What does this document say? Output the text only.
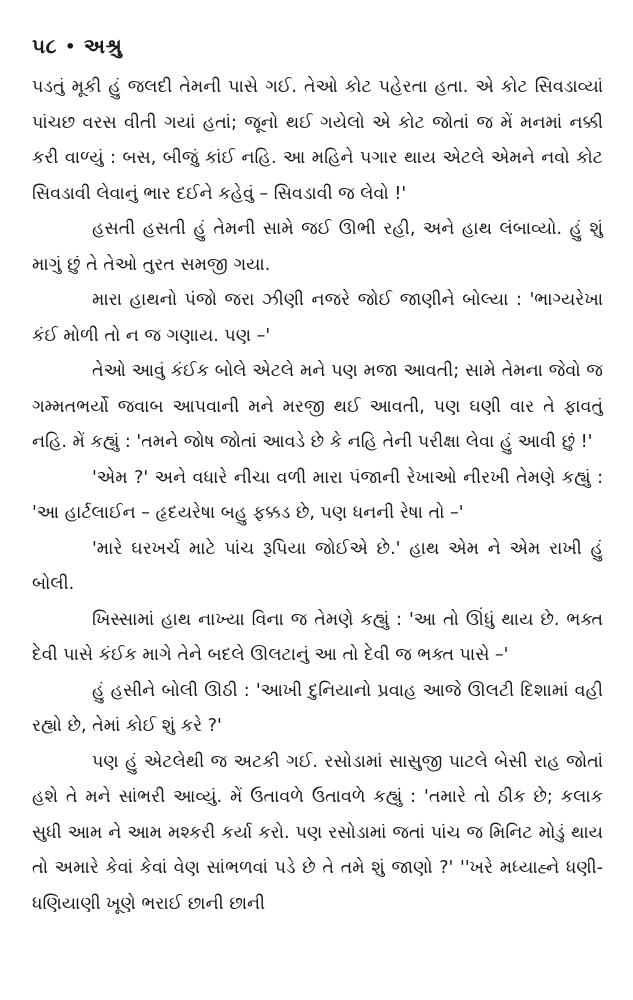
૫૮ • અશ્રુ

પડતું મૂકી હું જલદી તેમની પાસે ગઈ. તેઓ કોટ પહેરતા હતા. એ કોટ સિવડાવ્યાં પાંચછ વરસ વીતી ગયાં હતાં; જૂનો થઈ ગયેલો એ કોટ જોતાં જ મેં મનમાં નક્કી કરી વાળ્યું : બસ, બીજું કાંઈ નહિ. આ મહિને પગાર થાય એટલે એમને નવો કોટ સિવડાવી લેવાનું ભાર દઈને કહેવું – સિવડાવી જ લેવો !'

હસતી હસતી હું તેમની સામે જઈ ઊભી રહી, અને હાથ લંબાવ્યો. હું શું માગું છું તે તેઓ તુરત સમજી ગયા.

મારા હાથનો પંજો જરા ઝીણી નજરે જોઈ જાણીને બોલ્યા : 'ભાગ્યરેખા કંઈ મોળી તો ન જ ગણાય. પણ –'

તેઓ આવું કંઈક બોલે એટલે મને પણ મજા આવતી; સામે તેમના જેવો જ ગમ્મતભર્યો જવાબ આપવાની મને મરજી થઈ આવતી, પણ ઘણી વાર તે ફાવતું નહિ. મેં કહ્યું : 'તમને જોષ જોતાં આવડે છે કે નહિ તેની પરીક્ષા લેવા હું આવી છું !'

'એમ ?' અને વધારે નીચા વળી મારા પંજાની રેખાઓ નીરખી તેમણે કહ્યું : 'આ હાર્ટલાઈન – હૃદયરેષા બહુ ફક્કડ છે, પણ ધનની રેષા તો –'

'મારે ઘરખર્ચ માટે પાંચ રૂપિયા જોઈએ છે.' હાથ એમ ને એમ રાખી હું બોલી.

ખિસ્સામાં હાથ નાખ્યા વિના જ તેમણે કહ્યું : 'આ તો ઊંધું થાય છે. ભક્ત દેવી પાસે કંઈક માગે તેને બદલે ઊલટાનું આ તો દેવી જ ભક્ત પાસે –'

હું હસીને બોલી ઊઠી : 'આખી દુનિયાનો પ્રવાહ આજે ઊલટી દિશામાં વહી રહ્યો છે, તેમાં કોઈ શું કરે ?'

પણ હું એટલેથી જ અટકી ગઈ. રસોડામાં સાસુજી પાટલે બેસી રાહ જોતાં હશે તે મને સાંભરી આવ્યું. મેં ઉતાવળે ઉતાવળે કહ્યું : 'તમારે તો ઠીક છે; કલાક સુધી આમ ને આમ મશ્કરી કર્યા કરો. પણ રસોડામાં જતાં પાંચ જ મિનિટ મોડું થાય તો અમારે કેવાં કેવાં વેણ સાંભળવાં પડે છે તે તમે શું જાણો ?' ''ખરે મધ્યાહ્ને ધણી-ધણિયાણી ખૂણે ભરાઈ છાની છાની
